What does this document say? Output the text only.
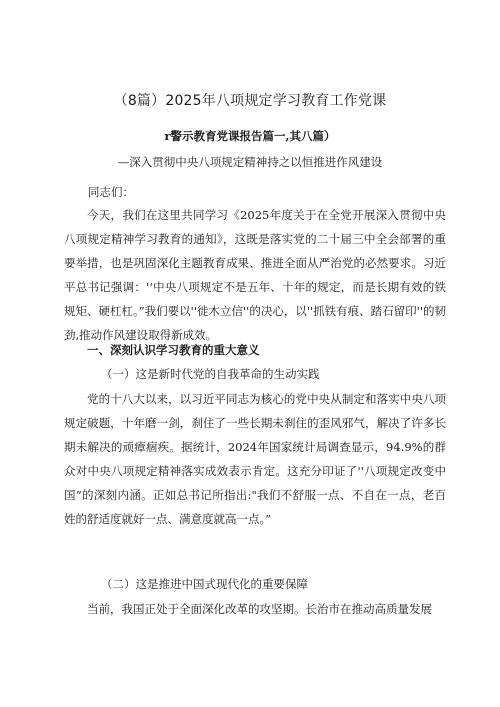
（8篇）2025年八项规定学习教育工作党课
r警示教育党课报告篇一,其八篇）
—深入贯彻中央八项规定精神持之以恒推进作风建设
同志们：

今天，我们在这里共同学习《2025年度关于在全党开展深入贯彻中央八项规定精神学习教育的通知》，这既是落实党的二十届三中全会部署的重要举措，也是巩固深化主题教育成果、推进全面从严治党的必然要求。习近平总书记强调：'‘中央八项规定不是五年、十年的规定，而是长期有效的铁规矩、硬杠杠。”我们要以''徙木立信''的决心，以''抓铁有痕、踏石留印''的韧劲,推动作风建设取得新成效。

一、深刻认识学习教育的重大意义
（一）这是新时代党的自我革命的生动实践

党的十八大以来，以习近平同志为核心的党中央从制定和落实中央八项规定破题，十年磨一剑，刹住了一些长期未刹住的歪风邪气，解决了许多长期未解决的顽瘴痼疾。据统计，2024年国家统计局调查显示，94.9%的群众对中央八项规定精神落实成效表示肯定。这充分印证了''八项规定改变中国”的深刻内涵。正如总书记所指出:"我们不舒服一点、不自在一点，老百姓的舒适度就好一点、满意度就高一点。”

（二）这是推进中国式现代化的重要保障

当前，我国正处于全面深化改革的攻坚期。长治市在推动高质量发展
